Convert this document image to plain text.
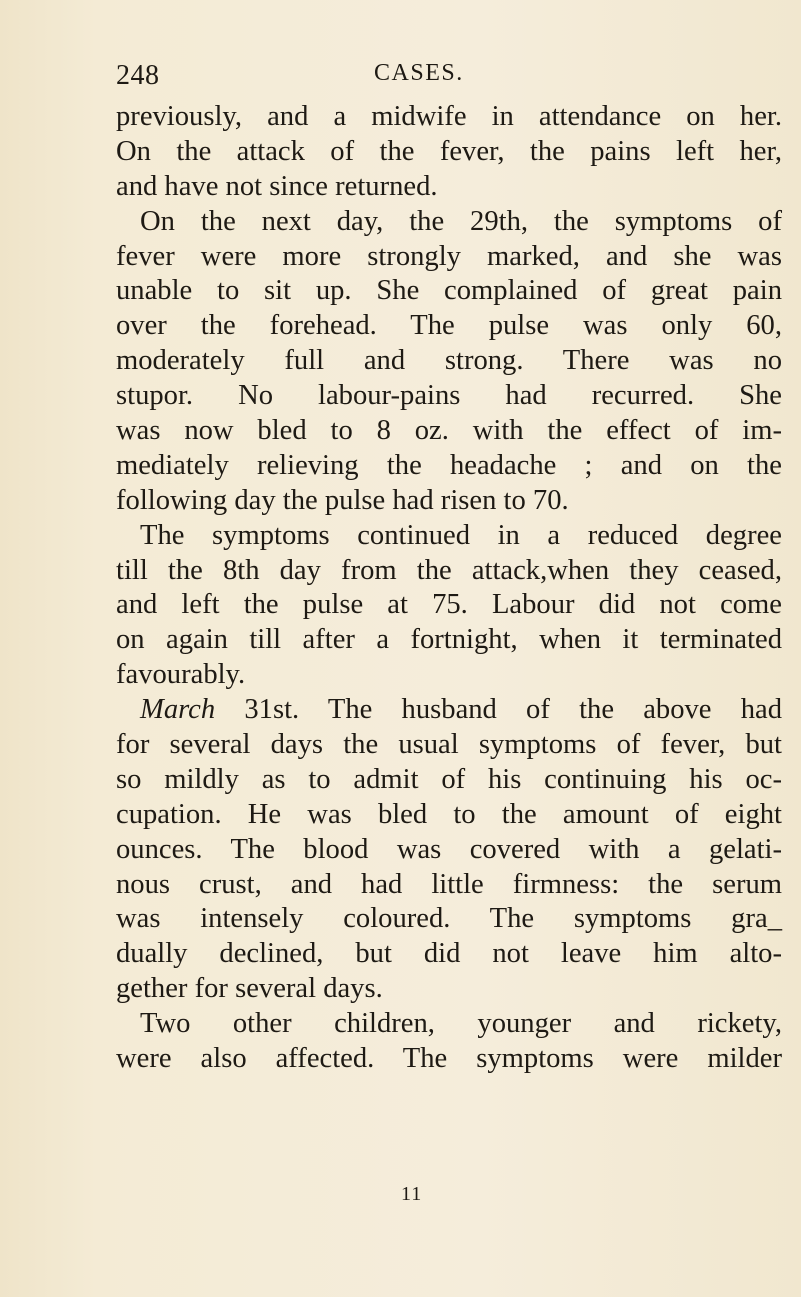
248	CASES.
previously, and a midwife in attendance on her.
On the attack of the fever, the pains left her,
and have not since returned.
On the next day, the 29th, the symptoms of
fever were more strongly marked, and she was
unable to sit up. She complained of great pain
over the forehead. The pulse was only 60,
moderately full and strong. There was no
stupor. No labour-pains had recurred. She
was now bled to 8 oz. with the effect of im-
mediately relieving the headache ; and on the
following day the pulse had risen to 70.
The symptoms continued in a reduced degree
till the 8th day from the attack,when they ceased,
and left the pulse at 75. Labour did not come
on again till after a fortnight, when it terminated
favourably.
March 31st. The husband of the above had
for several days the usual symptoms of fever, but
so mildly as to admit of his continuing his oc-
cupation. He was bled to the amount of eight
ounces. The blood was covered with a gelati-
nous crust, and had little firmness: the serum
was intensely coloured. The symptoms gra_
dually declined, but did not leave him alto-
gether for several days.
Two other children, younger and rickety,
were also affected. The symptoms were milder
11
